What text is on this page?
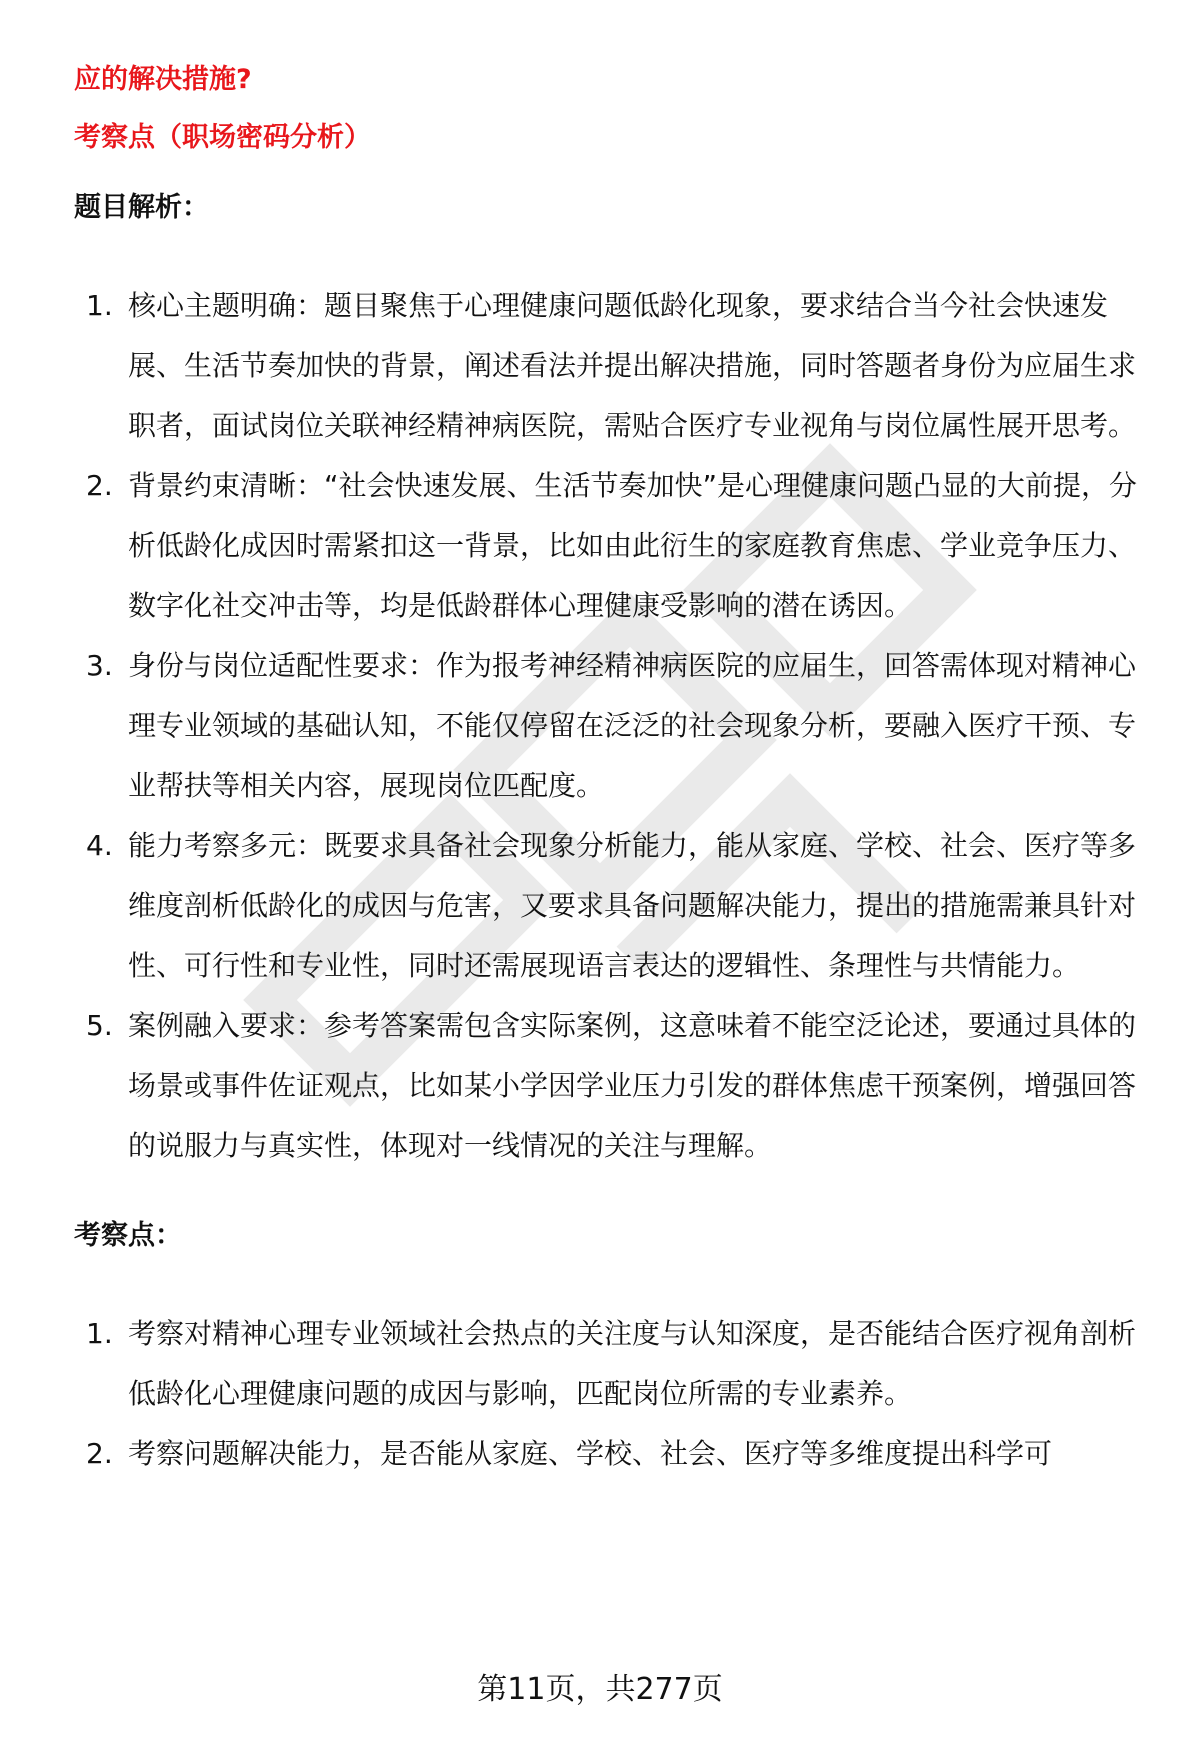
应的解决措施?

考察点（职场密码分析）

题目解析：

1. 核心主题明确：题目聚焦于心理健康问题低龄化现象，要求结合当今社会快速发展、生活节奏加快的背景，阐述看法并提出解决措施，同时答题者身份为应届生求职者，面试岗位关联神经精神病医院，需贴合医疗专业视角与岗位属性展开思考。
2. 背景约束清晰：“社会快速发展、生活节奏加快”是心理健康问题凸显的大前提，分析低龄化成因时需紧扣这一背景，比如由此衍生的家庭教育焦虑、学业竞争压力、数字化社交冲击等，均是低龄群体心理健康受影响的潜在诱因。
3. 身份与岗位适配性要求：作为报考神经精神病医院的应届生，回答需体现对精神心理专业领域的基础认知，不能仅停留在泛泛的社会现象分析，要融入医疗干预、专业帮扶等相关内容，展现岗位匹配度。
4. 能力考察多元：既要求具备社会现象分析能力，能从家庭、学校、社会、医疗等多维度剖析低龄化的成因与危害，又要求具备问题解决能力，提出的措施需兼具针对性、可行性和专业性，同时还需展现语言表达的逻辑性、条理性与共情能力。
5. 案例融入要求：参考答案需包含实际案例，这意味着不能空泛论述，要通过具体的场景或事件佐证观点，比如某小学因学业压力引发的群体焦虑干预案例，增强回答的说服力与真实性，体现对一线情况的关注与理解。

考察点：

1. 考察对精神心理专业领域社会热点的关注度与认知深度，是否能结合医疗视角剖析低龄化心理健康问题的成因与影响，匹配岗位所需的专业素养。
2. 考察问题解决能力，是否能从家庭、学校、社会、医疗等多维度提出科学可
第11页，共277页
